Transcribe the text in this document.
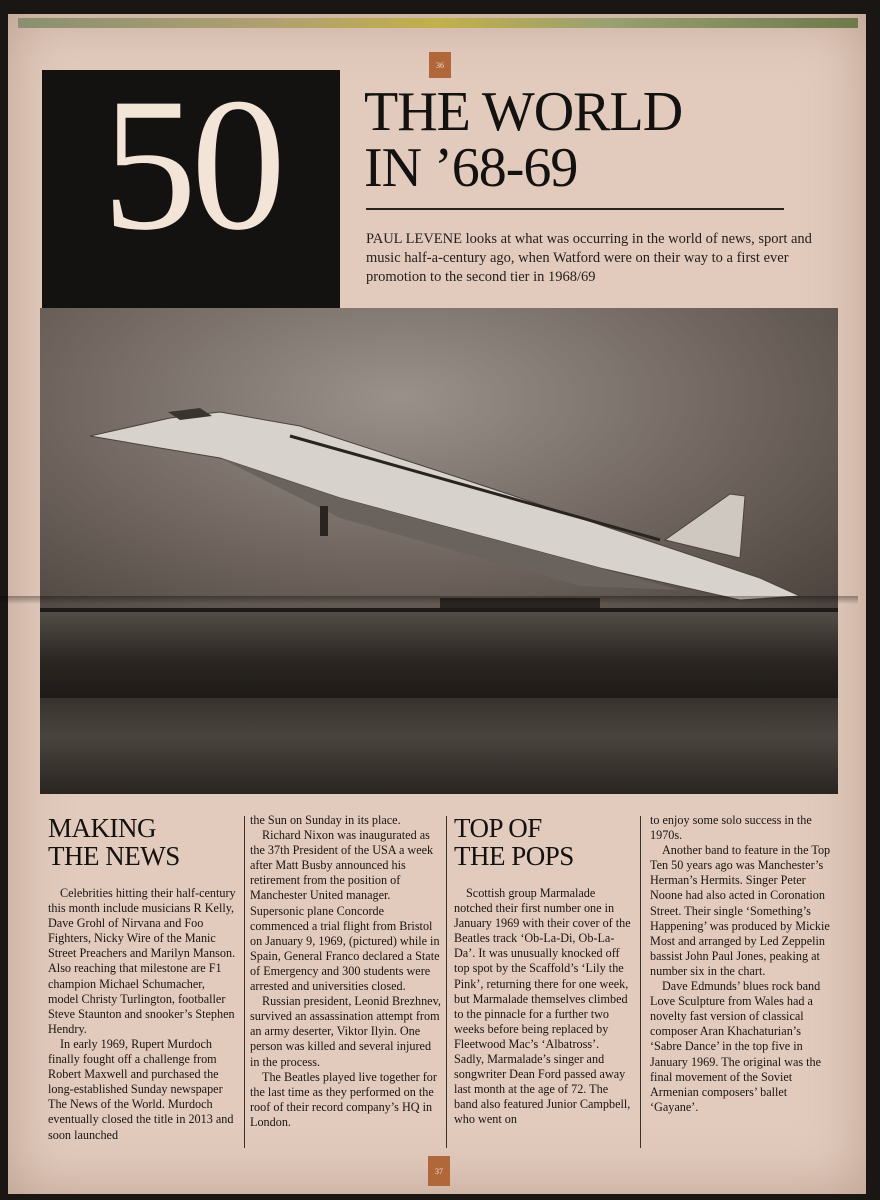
36
50	THE WORLD
IN ’68-69
PAUL LEVENE looks at what was occurring in the world of news, sport and music half-a-century ago, when Watford were on their way to a first ever promotion to the second tier in 1968/69
MAKING
THE NEWS

Celebrities hitting their half-century this month include musicians R Kelly, Dave Grohl of Nirvana and Foo Fighters, Nicky Wire of the Manic Street Preachers and Marilyn Manson. Also reaching that milestone are F1 champion Michael Schumacher, model Christy Turlington, footballer Steve Staunton and snooker’s Stephen Hendry.

In early 1969, Rupert Murdoch finally fought off a challenge from Robert Maxwell and purchased the long-established Sunday newspaper The News of the World. Murdoch eventually closed the title in 2013 and soon launched

the Sun on Sunday in its place.

Richard Nixon was inaugurated as the 37th President of the USA a week after Matt Busby announced his retirement from the position of Manchester United manager. Supersonic plane Concorde commenced a trial flight from Bristol on January 9, 1969, (pictured) while in Spain, General Franco declared a State of Emergency and 300 students were arrested and universities closed.

Russian president, Leonid Brezhnev, survived an assassination attempt from an army deserter, Viktor Ilyin. One person was killed and several injured in the process.

The Beatles played live together for the last time as they performed on the roof of their record company’s HQ in London.

TOP OF
THE POPS

Scottish group Marmalade notched their first number one in January 1969 with their cover of the Beatles track ‘Ob-La-Di, Ob-La-Da’. It was unusually knocked off top spot by the Scaffold’s ‘Lily the Pink’, returning there for one week, but Marmalade themselves climbed to the pinnacle for a further two weeks before being replaced by Fleetwood Mac’s ‘Albatross’. Sadly, Marmalade’s singer and songwriter Dean Ford passed away last month at the age of 72. The band also featured Junior Campbell, who went on

to enjoy some solo success in the 1970s.

Another band to feature in the Top Ten 50 years ago was Manchester’s Herman’s Hermits. Singer Peter Noone had also acted in Coronation Street. Their single ‘Something’s Happening’ was produced by Mickie Most and arranged by Led Zeppelin bassist John Paul Jones, peaking at number six in the chart.

Dave Edmunds’ blues rock band Love Sculpture from Wales had a novelty fast version of classical composer Aran Khachaturian’s ‘Sabre Dance’ in the top five in January 1969. The original was the final movement of the Soviet Armenian composers’ ballet ‘Gayane’.

37
